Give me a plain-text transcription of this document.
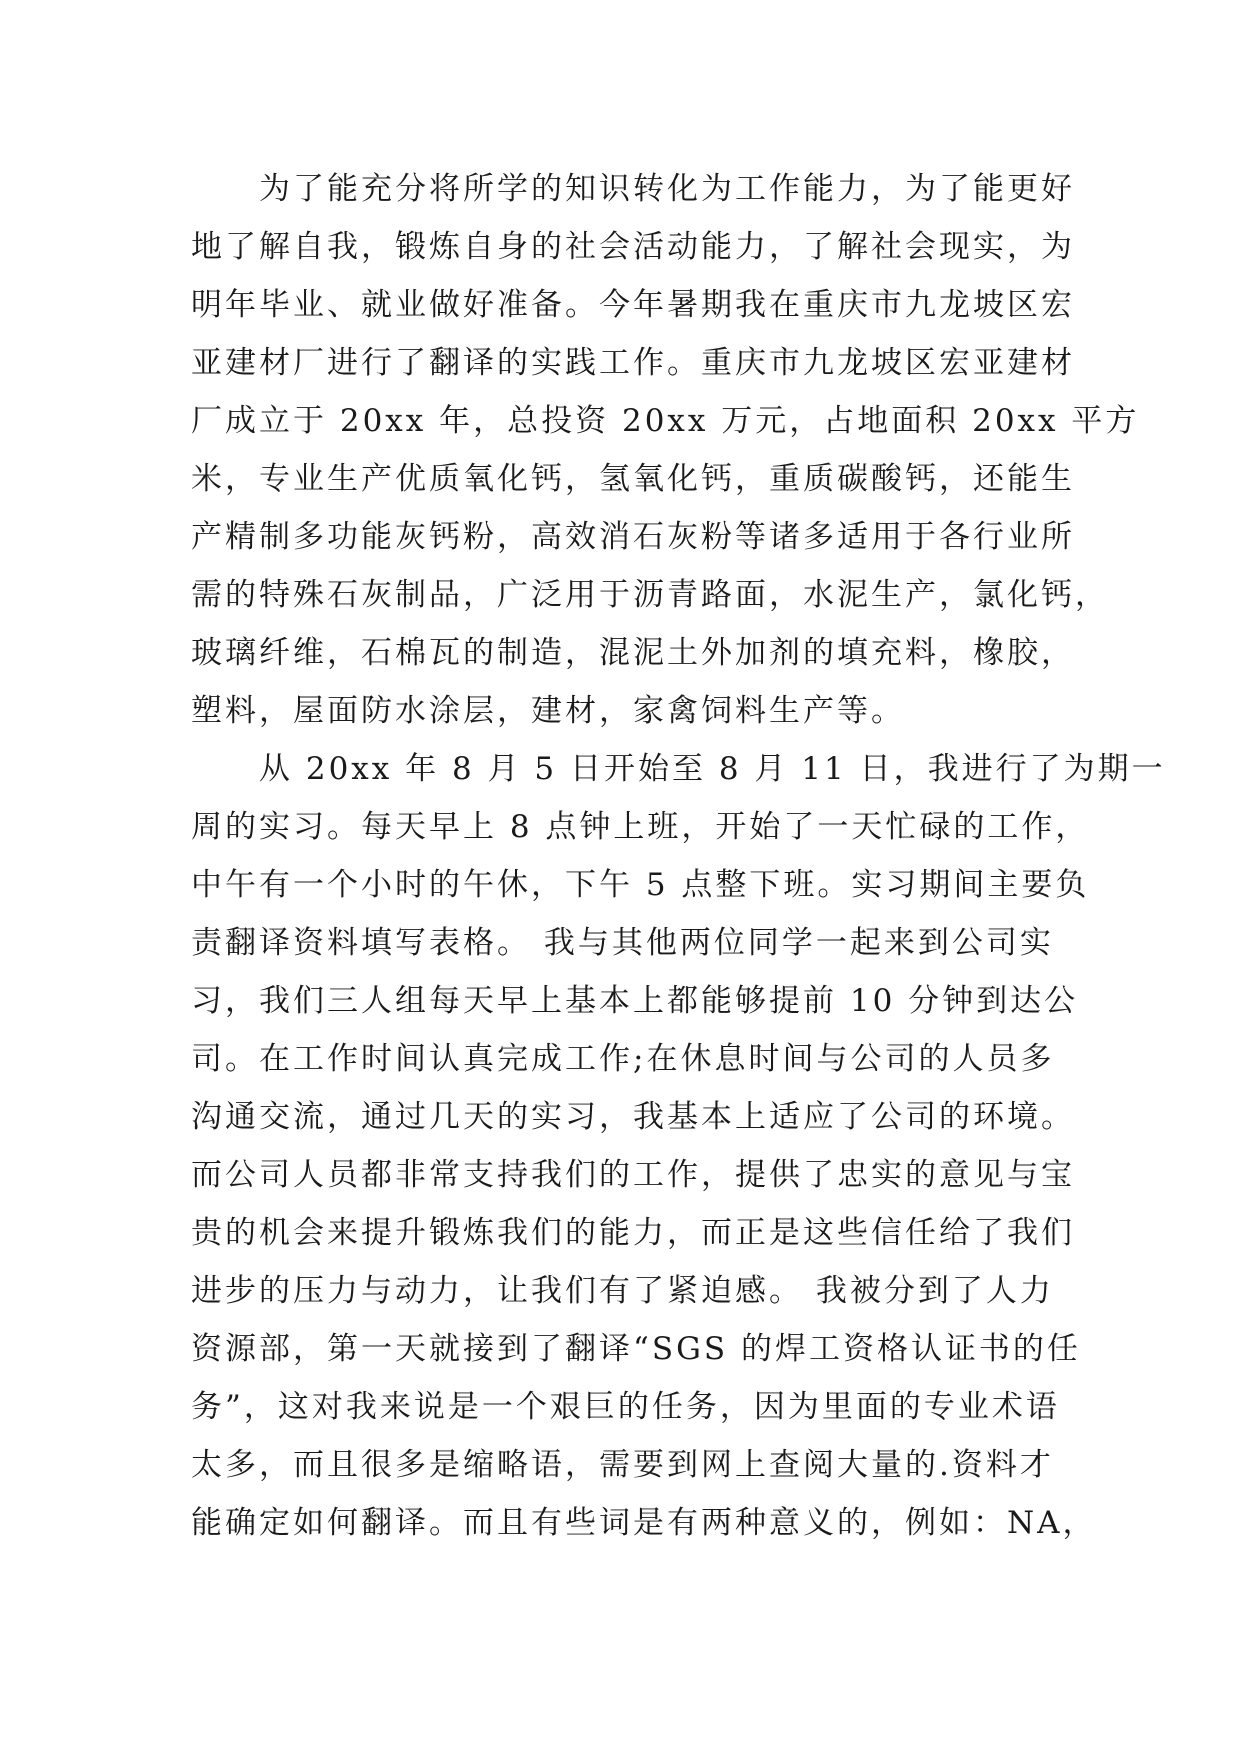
为了能充分将所学的知识转化为工作能力，为了能更好
地了解自我，锻炼自身的社会活动能力，了解社会现实，为
明年毕业、就业做好准备。今年暑期我在重庆市九龙坡区宏
亚建材厂进行了翻译的实践工作。重庆市九龙坡区宏亚建材
厂成立于 20xx 年，总投资 20xx 万元，占地面积 20xx 平方
米，专业生产优质氧化钙，氢氧化钙，重质碳酸钙，还能生
产精制多功能灰钙粉，高效消石灰粉等诸多适用于各行业所
需的特殊石灰制品，广泛用于沥青路面，水泥生产，氯化钙，
玻璃纤维，石棉瓦的制造，混泥土外加剂的填充料，橡胶，
塑料，屋面防水涂层，建材，家禽饲料生产等。
从 20xx 年 8 月 5 日开始至 8 月 11 日，我进行了为期一
周的实习。每天早上 8 点钟上班，开始了一天忙碌的工作，
中午有一个小时的午休，下午 5 点整下班。实习期间主要负
责翻译资料填写表格。 我与其他两位同学一起来到公司实
习，我们三人组每天早上基本上都能够提前 10 分钟到达公
司。在工作时间认真完成工作;在休息时间与公司的人员多
沟通交流，通过几天的实习，我基本上适应了公司的环境。
而公司人员都非常支持我们的工作，提供了忠实的意见与宝
贵的机会来提升锻炼我们的能力，而正是这些信任给了我们
进步的压力与动力，让我们有了紧迫感。 我被分到了人力
资源部，第一天就接到了翻译“SGS 的焊工资格认证书的任
务”，这对我来说是一个艰巨的任务，因为里面的专业术语
太多，而且很多是缩略语，需要到网上查阅大量的.资料才
能确定如何翻译。而且有些词是有两种意义的，例如：NA，
